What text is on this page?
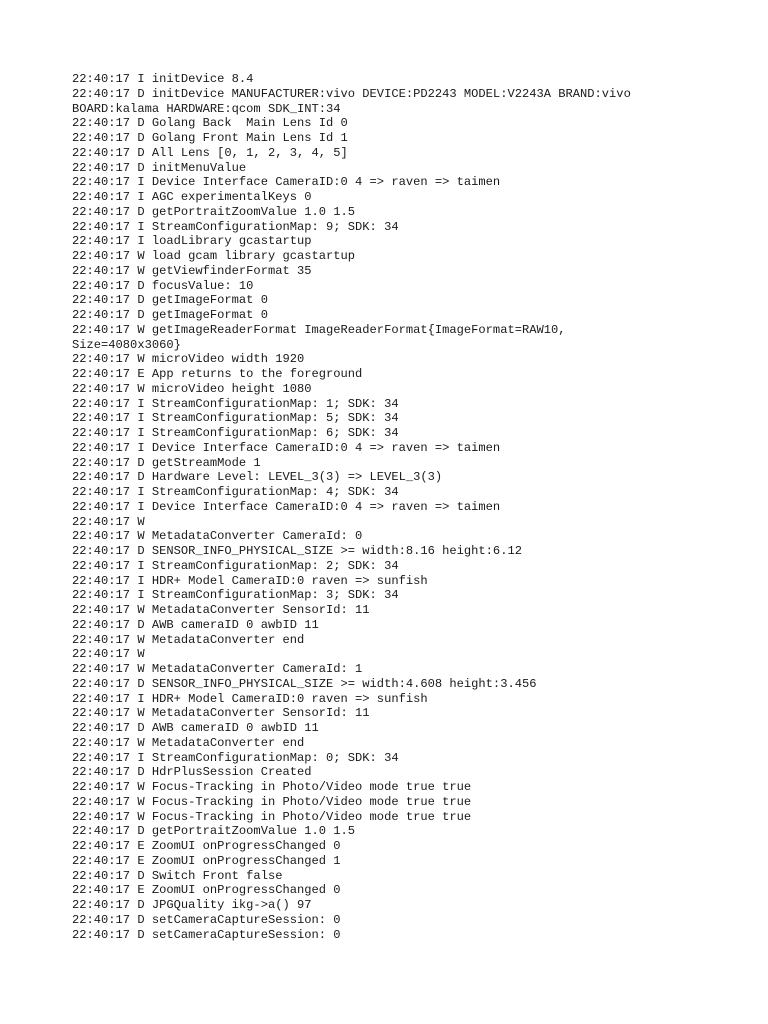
22:40:17 I initDevice 8.4
22:40:17 D initDevice MANUFACTURER:vivo DEVICE:PD2243 MODEL:V2243A BRAND:vivo
BOARD:kalama HARDWARE:qcom SDK_INT:34
22:40:17 D Golang Back  Main Lens Id 0
22:40:17 D Golang Front Main Lens Id 1
22:40:17 D All Lens [0, 1, 2, 3, 4, 5]
22:40:17 D initMenuValue
22:40:17 I Device Interface CameraID:0 4 => raven => taimen
22:40:17 I AGC experimentalKeys 0
22:40:17 D getPortraitZoomValue 1.0 1.5
22:40:17 I StreamConfigurationMap: 9; SDK: 34
22:40:17 I loadLibrary gcastartup
22:40:17 W load gcam library gcastartup
22:40:17 W getViewfinderFormat 35
22:40:17 D focusValue: 10
22:40:17 D getImageFormat 0
22:40:17 D getImageFormat 0
22:40:17 W getImageReaderFormat ImageReaderFormat{ImageFormat=RAW10,
Size=4080x3060}
22:40:17 W microVideo width 1920
22:40:17 E App returns to the foreground
22:40:17 W microVideo height 1080
22:40:17 I StreamConfigurationMap: 1; SDK: 34
22:40:17 I StreamConfigurationMap: 5; SDK: 34
22:40:17 I StreamConfigurationMap: 6; SDK: 34
22:40:17 I Device Interface CameraID:0 4 => raven => taimen
22:40:17 D getStreamMode 1
22:40:17 D Hardware Level: LEVEL_3(3) => LEVEL_3(3)
22:40:17 I StreamConfigurationMap: 4; SDK: 34
22:40:17 I Device Interface CameraID:0 4 => raven => taimen
22:40:17 W
22:40:17 W MetadataConverter CameraId: 0
22:40:17 D SENSOR_INFO_PHYSICAL_SIZE >= width:8.16 height:6.12
22:40:17 I StreamConfigurationMap: 2; SDK: 34
22:40:17 I HDR+ Model CameraID:0 raven => sunfish
22:40:17 I StreamConfigurationMap: 3; SDK: 34
22:40:17 W MetadataConverter SensorId: 11
22:40:17 D AWB cameraID 0 awbID 11
22:40:17 W MetadataConverter end
22:40:17 W
22:40:17 W MetadataConverter CameraId: 1
22:40:17 D SENSOR_INFO_PHYSICAL_SIZE >= width:4.608 height:3.456
22:40:17 I HDR+ Model CameraID:0 raven => sunfish
22:40:17 W MetadataConverter SensorId: 11
22:40:17 D AWB cameraID 0 awbID 11
22:40:17 W MetadataConverter end
22:40:17 I StreamConfigurationMap: 0; SDK: 34
22:40:17 D HdrPlusSession Created
22:40:17 W Focus-Tracking in Photo/Video mode true true
22:40:17 W Focus-Tracking in Photo/Video mode true true
22:40:17 W Focus-Tracking in Photo/Video mode true true
22:40:17 D getPortraitZoomValue 1.0 1.5
22:40:17 E ZoomUI onProgressChanged 0
22:40:17 E ZoomUI onProgressChanged 1
22:40:17 D Switch Front false
22:40:17 E ZoomUI onProgressChanged 0
22:40:17 D JPGQuality ikg->a() 97
22:40:17 D setCameraCaptureSession: 0
22:40:17 D setCameraCaptureSession: 0
